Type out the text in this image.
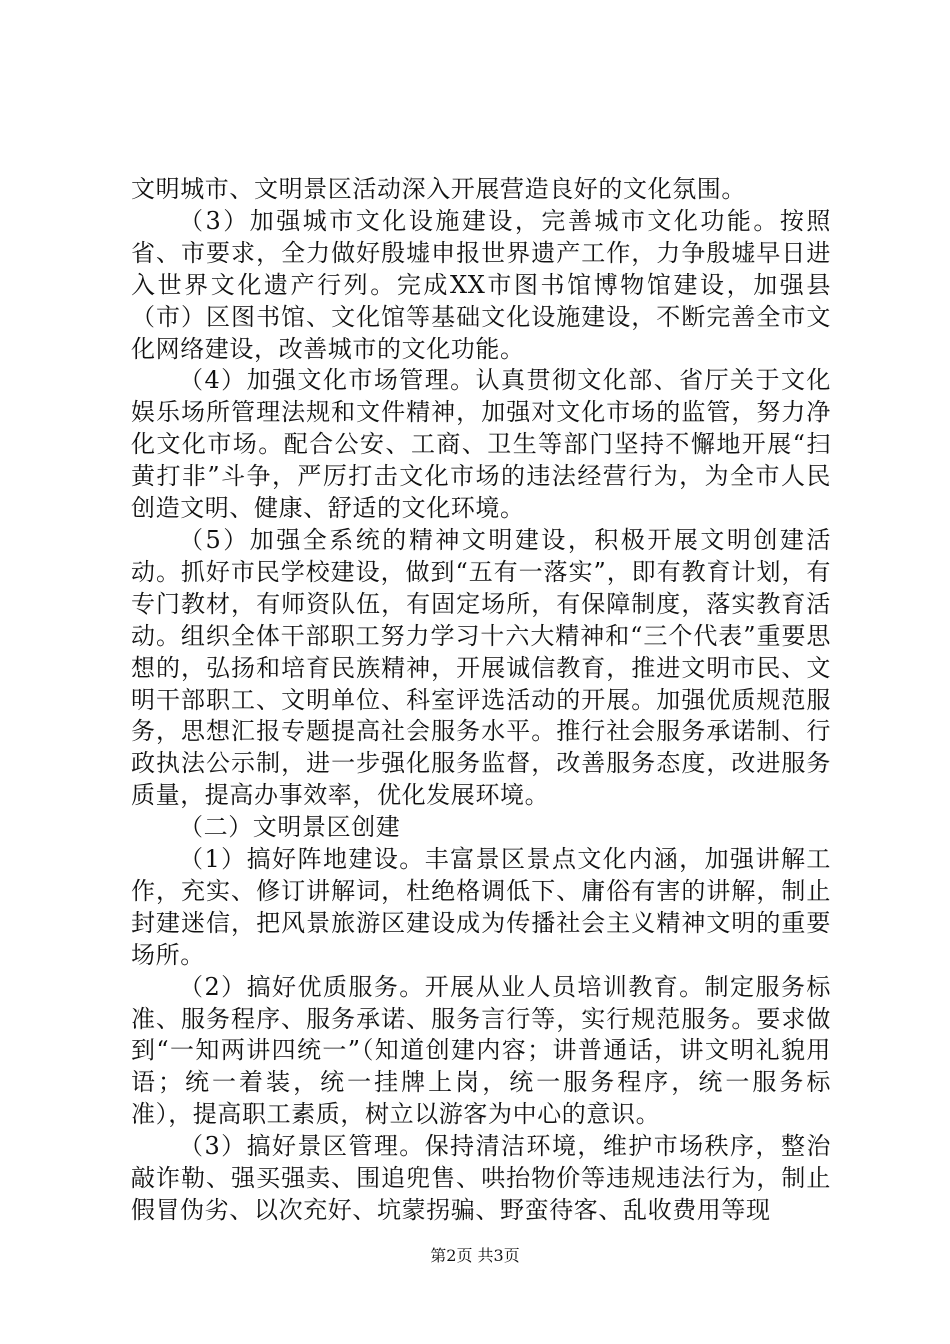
文明城市、文明景区活动深入开展营造良好的文化氛围。

（3）加强城市文化设施建设，完善城市文化功能。按照省、市要求，全力做好殷墟申报世界遗产工作，力争殷墟早日进入世界文化遗产行列。完成XX市图书馆博物馆建设，加强县（市）区图书馆、文化馆等基础文化设施建设，不断完善全市文化网络建设，改善城市的文化功能。

（4）加强文化市场管理。认真贯彻文化部、省厅关于文化娱乐场所管理法规和文件精神，加强对文化市场的监管，努力净化文化市场。配合公安、工商、卫生等部门坚持不懈地开展“扫黄打非”斗争，严厉打击文化市场的违法经营行为，为全市人民创造文明、健康、舒适的文化环境。

（5）加强全系统的精神文明建设，积极开展文明创建活动。抓好市民学校建设，做到“五有一落实”，即有教育计划，有专门教材，有师资队伍，有固定场所，有保障制度，落实教育活动。组织全体干部职工努力学习十六大精神和“三个代表”重要思想的，弘扬和培育民族精神，开展诚信教育，推进文明市民、文明干部职工、文明单位、科室评选活动的开展。加强优质规范服务，思想汇报专题提高社会服务水平。推行社会服务承诺制、行政执法公示制，进一步强化服务监督，改善服务态度，改进服务质量，提高办事效率，优化发展环境。

（二）文明景区创建

（1）搞好阵地建设。丰富景区景点文化内涵，加强讲解工作，充实、修订讲解词，杜绝格调低下、庸俗有害的讲解，制止封建迷信，把风景旅游区建设成为传播社会主义精神文明的重要场所。

（2）搞好优质服务。开展从业人员培训教育。制定服务标准、服务程序、服务承诺、服务言行等，实行规范服务。要求做到“一知两讲四统一”（知道创建内容；讲普通话，讲文明礼貌用语；统一着装，统一挂牌上岗，统一服务程序，统一服务标准），提高职工素质，树立以游客为中心的意识。

（3）搞好景区管理。保持清洁环境，维护市场秩序，整治敲诈勒、强买强卖、围追兜售、哄抬物价等违规违法行为，制止假冒伪劣、以次充好、坑蒙拐骗、野蛮待客、乱收费用等现

第2页 共3页
